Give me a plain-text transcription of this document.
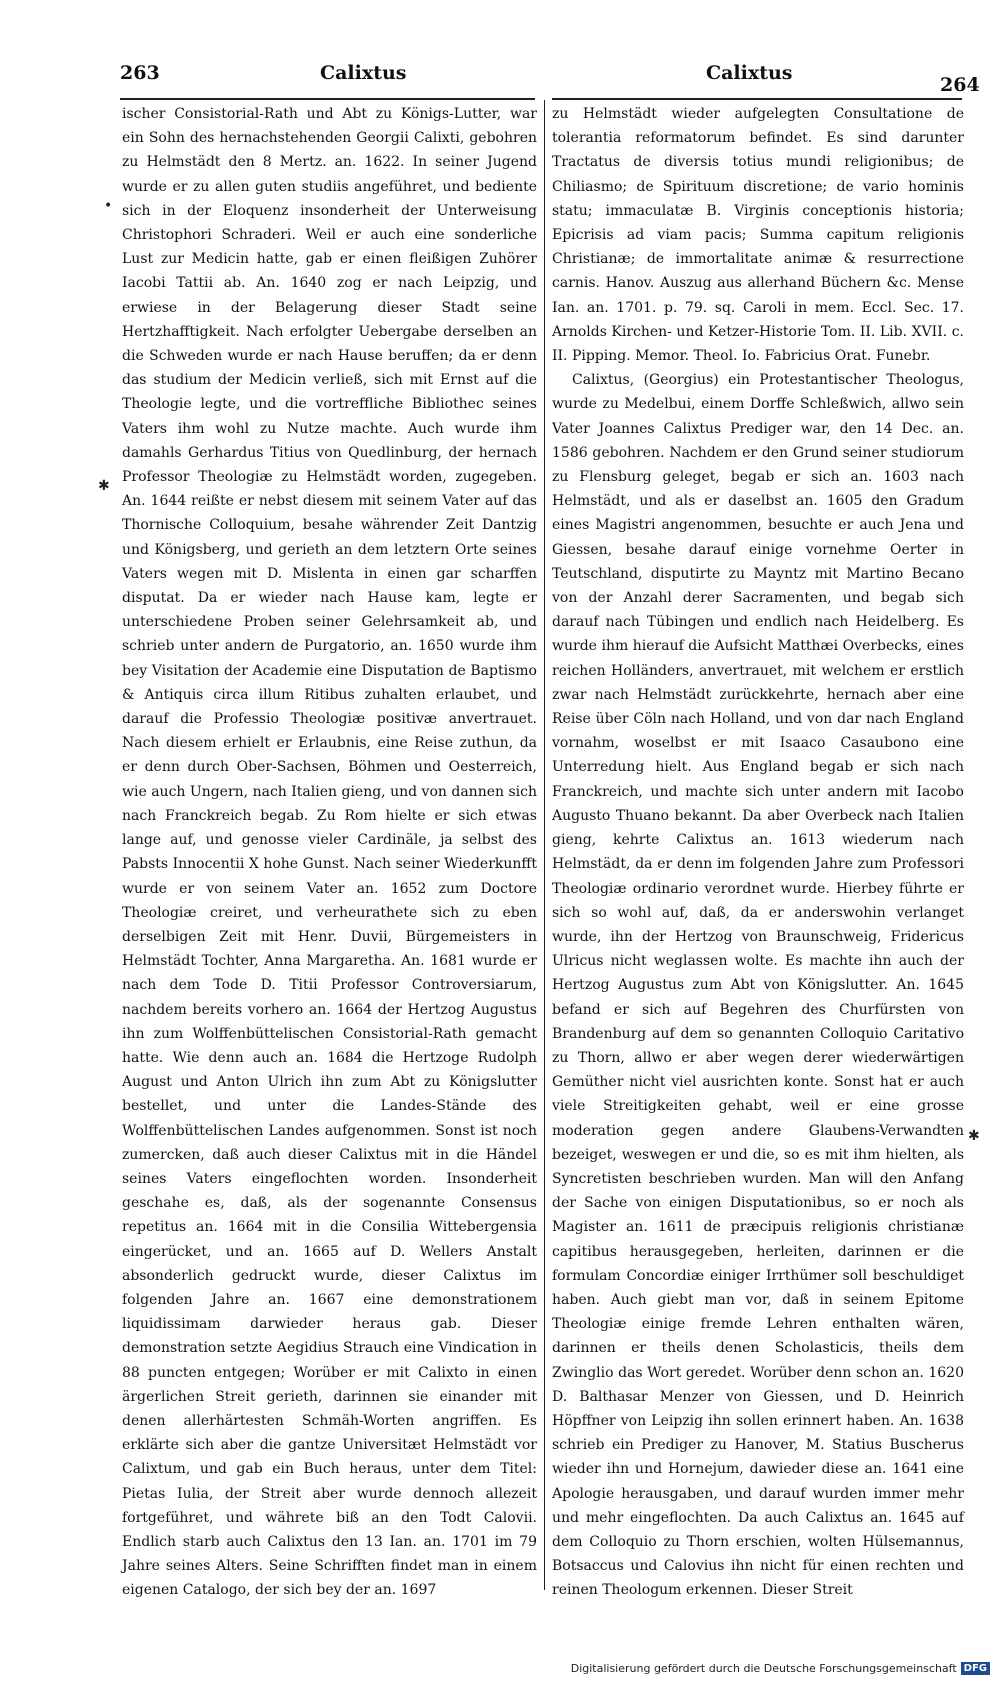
263	Calixtus	Calixtus
264
✱
•
✱

ischer Consistorial-Rath und Abt zu Königs-Lutter, war ein Sohn des hernachstehenden Georgii Calixti, gebohren zu Helmstädt den 8 Mertz. an. 1622. In seiner Jugend wurde er zu allen guten studiis angeführet, und bediente sich in der Eloquenz insonderheit der Unterweisung Christophori Schraderi. Weil er auch eine sonderliche Lust zur Medicin hatte, gab er einen fleißigen Zuhörer Iacobi Tattii ab. An. 1640 zog er nach Leipzig, und erwiese in der Belagerung dieser Stadt seine Hertzhafftigkeit. Nach erfolgter Uebergabe derselben an die Schweden wurde er nach Hause beruffen; da er denn das studium der Medicin verließ, sich mit Ernst auf die Theologie legte, und die vortreffliche Bibliothec seines Vaters ihm wohl zu Nutze machte. Auch wurde ihm damahls Gerhardus Titius von Quedlinburg, der hernach Professor Theologiæ zu Helmstädt worden, zugegeben. An. 1644 reißte er nebst diesem mit seinem Vater auf das Thornische Colloquium, besahe währender Zeit Dantzig und Königsberg, und gerieth an dem letztern Orte seines Vaters wegen mit D. Mislenta in einen gar scharffen disputat. Da er wieder nach Hause kam, legte er unterschiedene Proben seiner Gelehrsamkeit ab, und schrieb unter andern de Purgatorio, an. 1650 wurde ihm bey Visitation der Academie eine Disputation de Baptismo & Antiquis circa illum Ritibus zuhalten erlaubet, und darauf die Professio Theologiæ positivæ anvertrauet. Nach diesem erhielt er Erlaubnis, eine Reise zuthun, da er denn durch Ober-Sachsen, Böhmen und Oesterreich, wie auch Ungern, nach Italien gieng, und von dannen sich nach Franckreich begab. Zu Rom hielte er sich etwas lange auf, und genosse vieler Cardinäle, ja selbst des Pabsts Innocentii X hohe Gunst. Nach seiner Wiederkunfft wurde er von seinem Vater an. 1652 zum Doctore Theologiæ creiret, und verheurathete sich zu eben derselbigen Zeit mit Henr. Duvii, Bürgemeisters in Helmstädt Tochter, Anna Margaretha. An. 1681 wurde er nach dem Tode D. Titii Professor Controversiarum, nachdem bereits vorhero an. 1664 der Hertzog Augustus ihn zum Wolffenbüttelischen Consistorial-Rath gemacht hatte. Wie denn auch an. 1684 die Hertzoge Rudolph August und Anton Ulrich ihn zum Abt zu Königslutter bestellet, und unter die Landes-Stände des Wolffenbüttelischen Landes aufgenommen. Sonst ist noch zumercken, daß auch dieser Calixtus mit in die Händel seines Vaters eingeflochten worden. Insonderheit geschahe es, daß, als der sogenannte Consensus repetitus an. 1664 mit in die Consilia Wittebergensia eingerücket, und an. 1665 auf D. Wellers Anstalt absonderlich gedruckt wurde, dieser Calixtus im folgenden Jahre an. 1667 eine demonstrationem liquidissimam darwieder heraus gab. Dieser demonstration setzte Aegidius Strauch eine Vindication in 88 puncten entgegen; Worüber er mit Calixto in einen ärgerlichen Streit gerieth, darinnen sie einander mit denen allerhärtesten Schmäh-Worten angriffen. Es erklärte sich aber die gantze Universitæt Helmstädt vor Calixtum, und gab ein Buch heraus, unter dem Titel: Pietas Iulia, der Streit aber wurde dennoch allezeit fortgeführet, und währete biß an den Todt Calovii. Endlich starb auch Calixtus den 13 Ian. an. 1701 im 79 Jahre seines Alters. Seine Schrifften findet man in einem eigenen Catalogo, der sich bey der an. 1697

zu Helmstädt wieder aufgelegten Consultatione de tolerantia reformatorum befindet. Es sind darunter Tractatus de diversis totius mundi religionibus; de Chiliasmo; de Spirituum discretione; de vario hominis statu; immaculatæ B. Virginis conceptionis historia; Epicrisis ad viam pacis; Summa capitum religionis Christianæ; de immortalitate animæ & resurrectione carnis. Hanov. Auszug aus allerhand Büchern &c. Mense Ian. an. 1701. p. 79. sq. Caroli in mem. Eccl. Sec. 17. Arnolds Kirchen- und Ketzer-Historie Tom. II. Lib. XVII. c. II. Pipping. Memor. Theol. Io. Fabricius Orat. Funebr.

Calixtus, (Georgius) ein Protestantischer Theologus, wurde zu Medelbui, einem Dorffe Schleßwich, allwo sein Vater Joannes Calixtus Prediger war, den 14 Dec. an. 1586 gebohren. Nachdem er den Grund seiner studiorum zu Flensburg geleget, begab er sich an. 1603 nach Helmstädt, und als er daselbst an. 1605 den Gradum eines Magistri angenommen, besuchte er auch Jena und Giessen, besahe darauf einige vornehme Oerter in Teutschland, disputirte zu Mayntz mit Martino Becano von der Anzahl derer Sacramenten, und begab sich darauf nach Tübingen und endlich nach Heidelberg. Es wurde ihm hierauf die Aufsicht Matthæi Overbecks, eines reichen Holländers, anvertrauet, mit welchem er erstlich zwar nach Helmstädt zurückkehrte, hernach aber eine Reise über Cöln nach Holland, und von dar nach England vornahm, woselbst er mit Isaaco Casaubono eine Unterredung hielt. Aus England begab er sich nach Franckreich, und machte sich unter andern mit Iacobo Augusto Thuano bekannt. Da aber Overbeck nach Italien gieng, kehrte Calixtus an. 1613 wiederum nach Helmstädt, da er denn im folgenden Jahre zum Professori Theologiæ ordinario verordnet wurde. Hierbey führte er sich so wohl auf, daß, da er anderswohin verlanget wurde, ihn der Hertzog von Braunschweig, Fridericus Ulricus nicht weglassen wolte. Es machte ihn auch der Hertzog Augustus zum Abt von Königslutter. An. 1645 befand er sich auf Begehren des Churfürsten von Brandenburg auf dem so genannten Colloquio Caritativo zu Thorn, allwo er aber wegen derer wiederwärtigen Gemüther nicht viel ausrichten konte. Sonst hat er auch viele Streitigkeiten gehabt, weil er eine grosse moderation gegen andere Glaubens-Verwandten bezeiget, weswegen er und die, so es mit ihm hielten, als Syncretisten beschrieben wurden. Man will den Anfang der Sache von einigen Disputationibus, so er noch als Magister an. 1611 de præcipuis religionis christianæ capitibus herausgegeben, herleiten, darinnen er die formulam Concordiæ einiger Irrthümer soll beschuldiget haben. Auch giebt man vor, daß in seinem Epitome Theologiæ einige fremde Lehren enthalten wären, darinnen er theils denen Scholasticis, theils dem Zwinglio das Wort geredet. Worüber denn schon an. 1620 D. Balthasar Menzer von Giessen, und D. Heinrich Höpffner von Leipzig ihn sollen erinnert haben. An. 1638 schrieb ein Prediger zu Hanover, M. Statius Buscherus wieder ihn und Hornejum, dawieder diese an. 1641 eine Apologie herausgaben, und darauf wurden immer mehr und mehr eingeflochten. Da auch Calixtus an. 1645 auf dem Colloquio zu Thorn erschien, wolten Hülsemannus, Botsaccus und Calovius ihn nicht für einen rechten und reinen Theologum erkennen. Dieser Streit

Digitalisierung gefördert durch die Deutsche Forschungsgemeinschaft DFG
